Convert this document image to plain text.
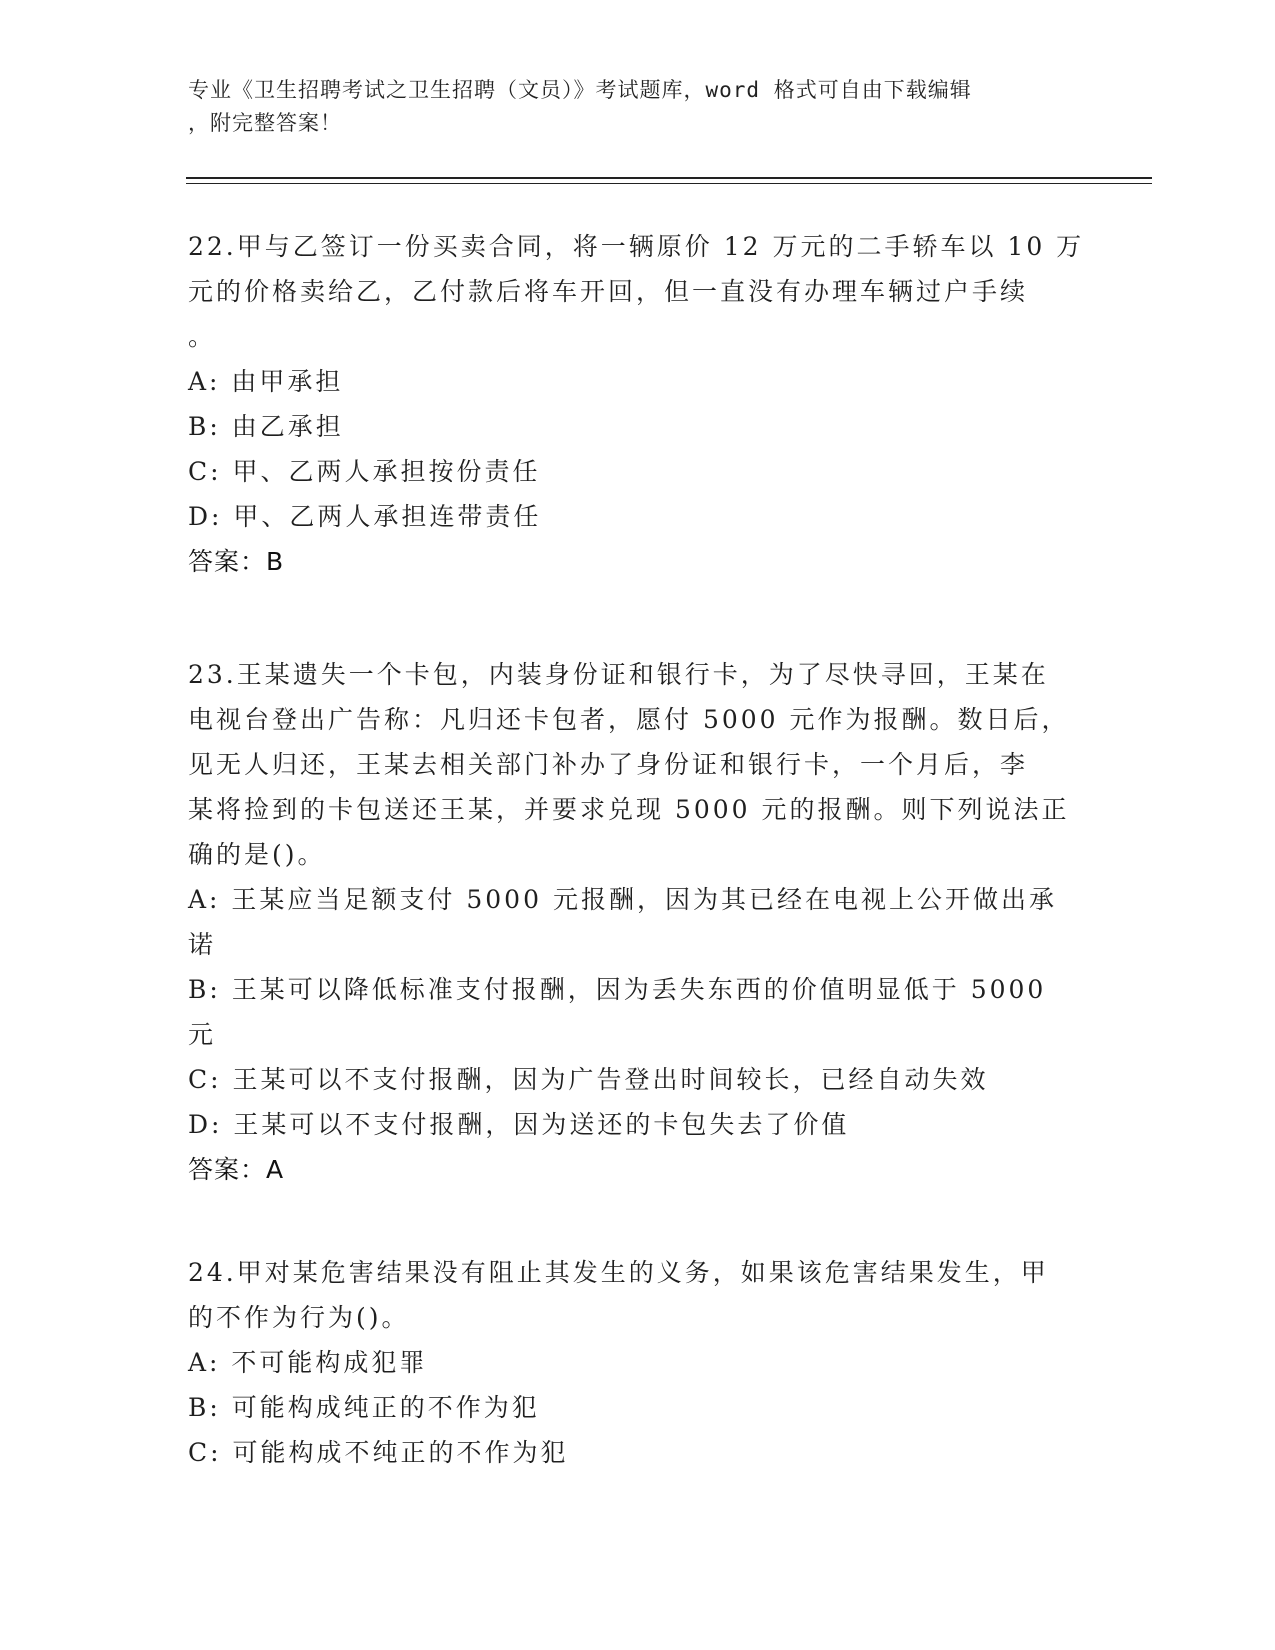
专业《卫生招聘考试之卫生招聘（文员）》考试题库，word 格式可自由下载编辑
，附完整答案！
22.甲与乙签订一份买卖合同，将一辆原价 12 万元的二手轿车以 10 万
元的价格卖给乙，乙付款后将车开回，但一直没有办理车辆过户手续
。
A: 由甲承担
B: 由乙承担
C: 甲、乙两人承担按份责任
D: 甲、乙两人承担连带责任
答案：B
23.王某遗失一个卡包，内装身份证和银行卡，为了尽快寻回，王某在
电视台登出广告称：凡归还卡包者，愿付 5000 元作为报酬。数日后，
见无人归还，王某去相关部门补办了身份证和银行卡，一个月后，李
某将捡到的卡包送还王某，并要求兑现 5000 元的报酬。则下列说法正
确的是()。
A: 王某应当足额支付 5000 元报酬，因为其已经在电视上公开做出承
诺
B: 王某可以降低标准支付报酬，因为丢失东西的价值明显低于 5000
元
C: 王某可以不支付报酬，因为广告登出时间较长，已经自动失效
D: 王某可以不支付报酬，因为送还的卡包失去了价值
答案：A
24.甲对某危害结果没有阻止其发生的义务，如果该危害结果发生，甲
的不作为行为()。
A: 不可能构成犯罪
B: 可能构成纯正的不作为犯
C: 可能构成不纯正的不作为犯
